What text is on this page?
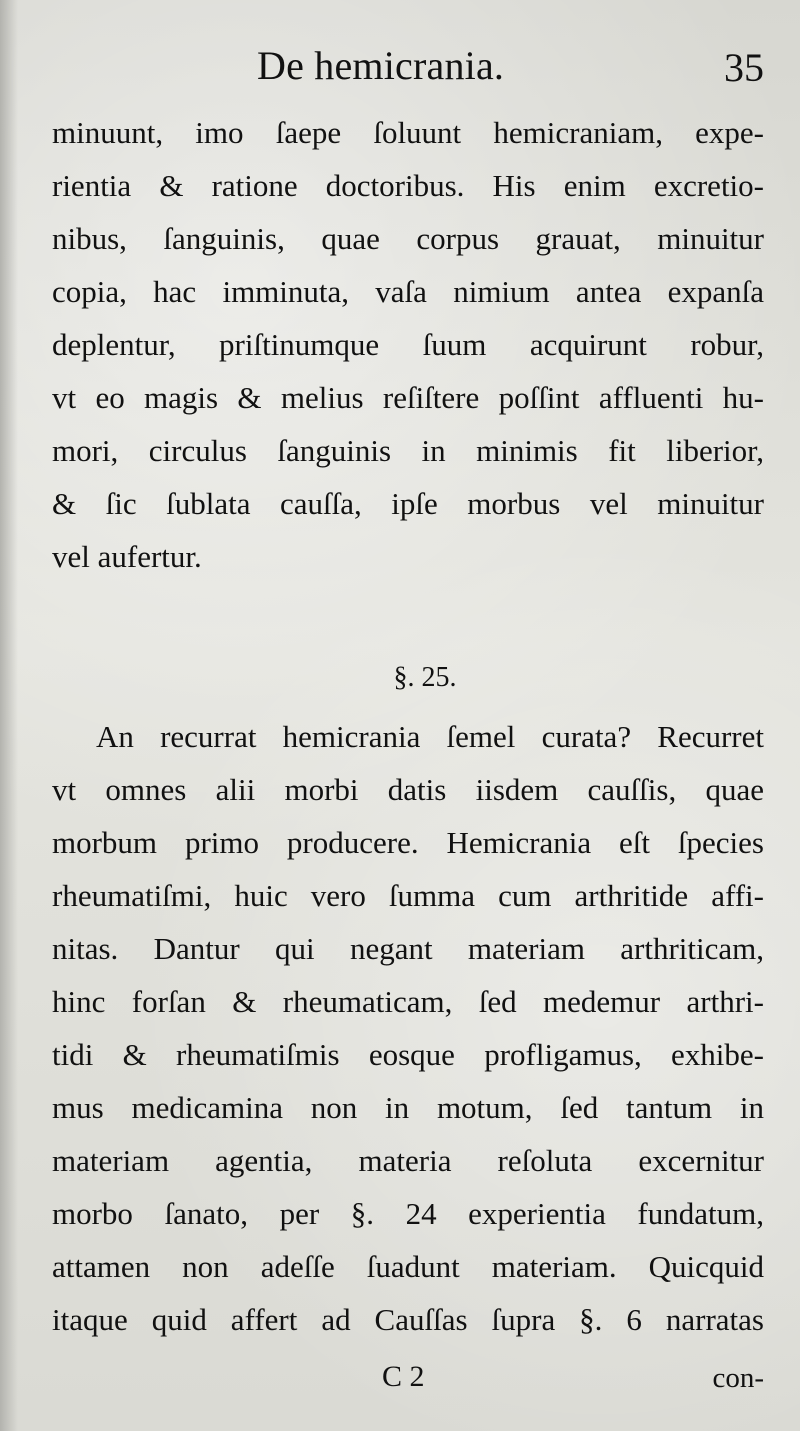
De hemicrania.	35
minuunt, imo ſaepe ſoluunt hemicraniam, expe-
rientia & ratione doctoribus. His enim excretio-
nibus, ſanguinis, quae corpus grauat, minuitur
copia, hac imminuta, vaſa nimium antea expanſa
deplentur, priſtinumque ſuum acquirunt robur,
vt eo magis & melius reſiſtere poſſint affluenti hu-
mori, circulus ſanguinis in minimis fit liberior,
& ſic ſublata cauſſa, ipſe morbus vel minuitur
vel aufertur.
§. 25.
An recurrat hemicrania ſemel curata? Recurret
vt omnes alii morbi datis iisdem cauſſis, quae
morbum primo producere. Hemicrania eſt ſpecies
rheumatiſmi, huic vero ſumma cum arthritide affi-
nitas. Dantur qui negant materiam arthriticam,
hinc forſan & rheumaticam, ſed medemur arthri-
tidi & rheumatiſmis eosque profligamus, exhibe-
mus medicamina non in motum, ſed tantum in
materiam agentia, materia reſoluta excernitur
morbo ſanato, per §. 24 experientia fundatum,
attamen non adeſſe ſuadunt materiam. Quicquid
itaque quid affert ad Cauſſas ſupra §. 6 narratas
C 2	con-
